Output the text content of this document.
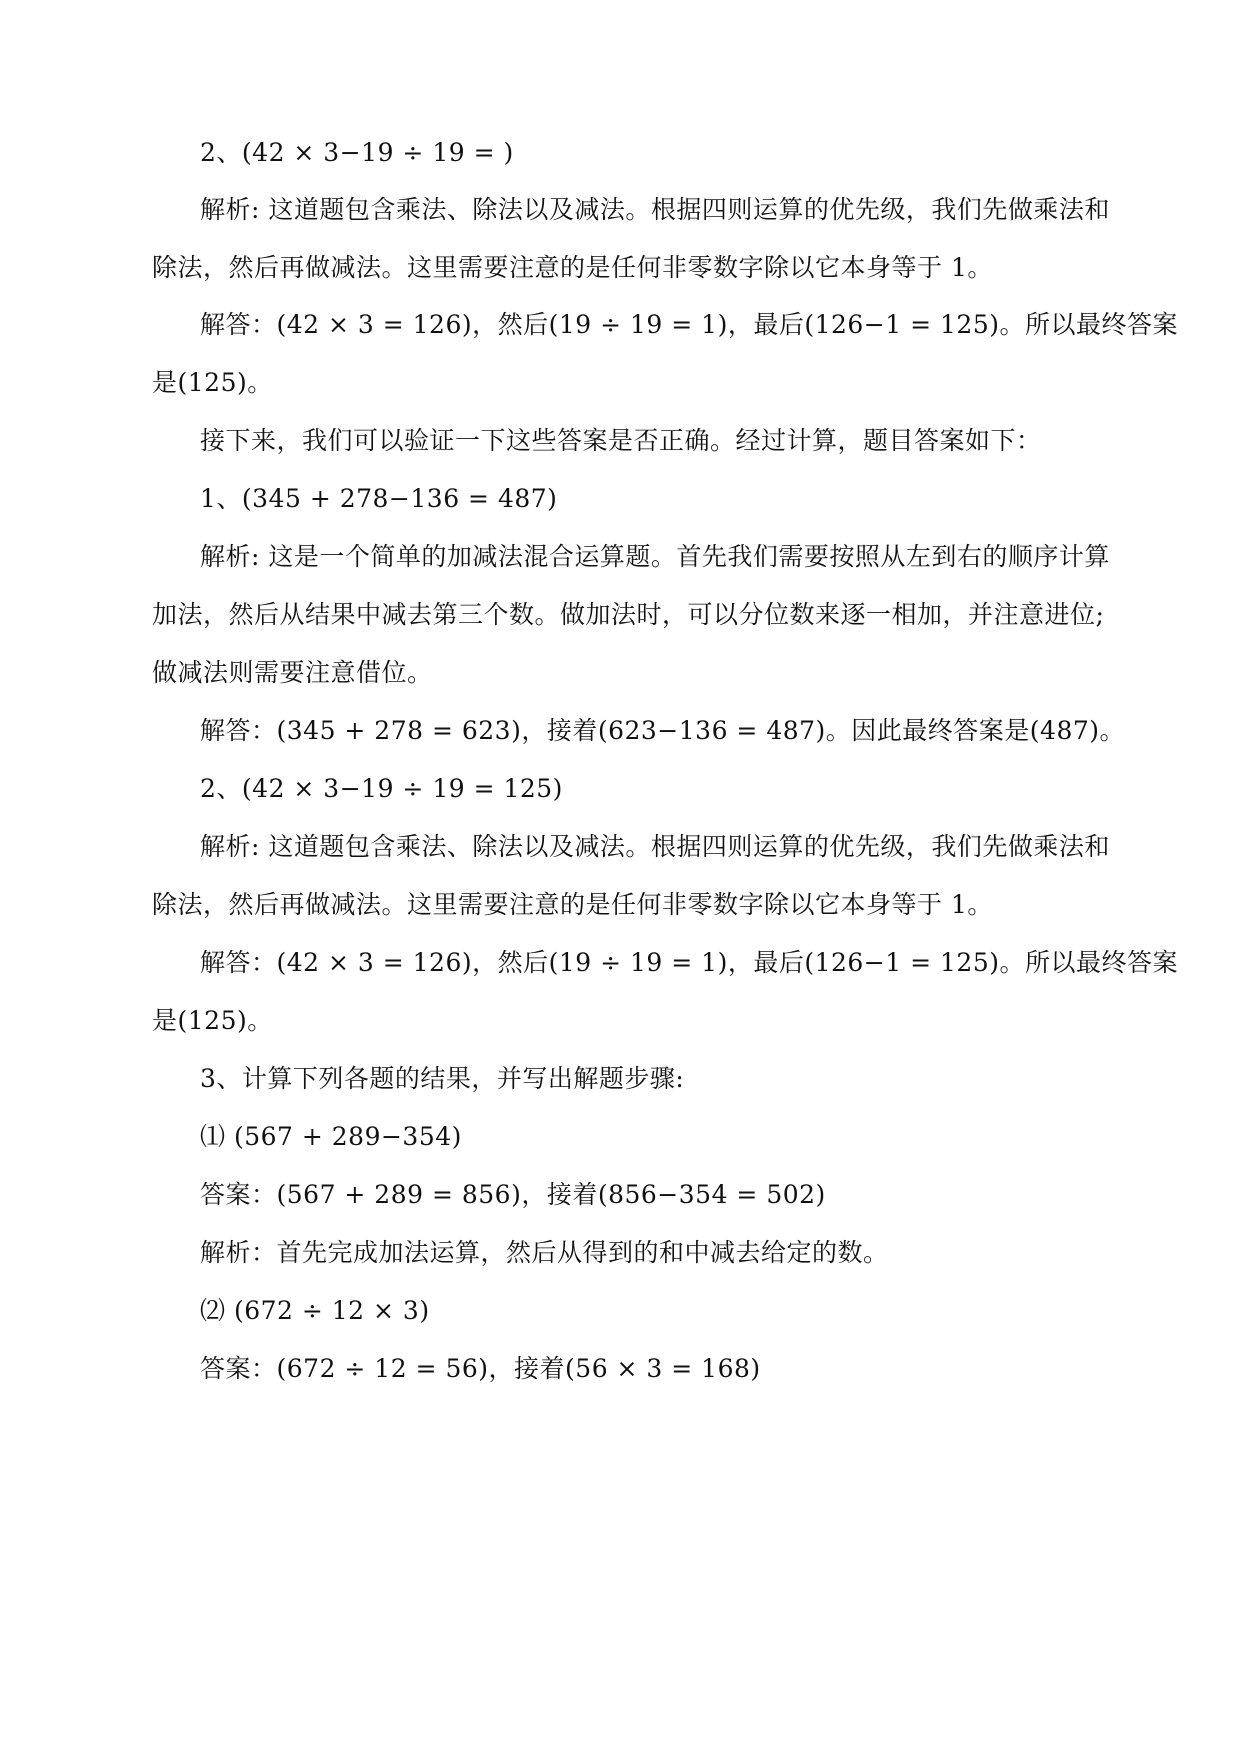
2、(42 × 3−19 ÷ 19 = )
解析: 这道题包含乘法、除法以及减法。根据四则运算的优先级，我们先做乘法和
除法，然后再做减法。这里需要注意的是任何非零数字除以它本身等于 1。
解答：(42 × 3 = 126)，然后(19 ÷ 19 = 1)，最后(126−1 = 125)。所以最终答案
是(125)。
接下来，我们可以验证一下这些答案是否正确。经过计算，题目答案如下：
1、(345 + 278−136 = 487)
解析: 这是一个简单的加减法混合运算题。首先我们需要按照从左到右的顺序计算
加法，然后从结果中减去第三个数。做加法时，可以分位数来逐一相加，并注意进位;
做减法则需要注意借位。
解答：(345 + 278 = 623)，接着(623−136 = 487)。因此最终答案是(487)。
2、(42 × 3−19 ÷ 19 = 125)
解析: 这道题包含乘法、除法以及减法。根据四则运算的优先级，我们先做乘法和
除法，然后再做减法。这里需要注意的是任何非零数字除以它本身等于 1。
解答：(42 × 3 = 126)，然后(19 ÷ 19 = 1)，最后(126−1 = 125)。所以最终答案
是(125)。
3、计算下列各题的结果，并写出解题步骤:
⑴ (567 + 289−354)
答案：(567 + 289 = 856)，接着(856−354 = 502)
解析：首先完成加法运算，然后从得到的和中减去给定的数。
⑵ (672 ÷ 12 × 3)
答案：(672 ÷ 12 = 56)，接着(56 × 3 = 168)
